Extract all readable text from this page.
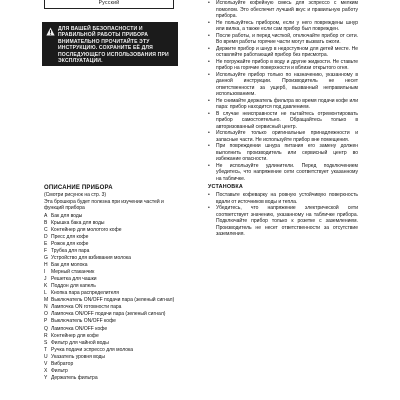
Русский
ДЛЯ ВАШЕЙ БЕЗОПАСНОСТИ И ПРАВИЛЬНОЙ РАБОТЫ ПРИБОРА ВНИМАТЕЛЬНО ПРОЧИТАЙТЕ ЭТУ ИНСТРУКЦИЮ. СОХРАНИТЕ ЕЁ ДЛЯ ПОСЛЕДУЮЩЕГО ИСПОЛЬЗОВАНИЯ ПРИ ЭКСПЛУАТАЦИИ.

ОПИСАНИЕ ПРИБОРА

(Смотри рисунок на стр. 3)

Эта брошюра будет полезна при изучении частей и функций прибора

A Бак для воды
B Крышка бака для воды
C Контейнер для молотого кофе
D Пресс для кофе
E Рожок для кофе
F Трубка для пара
G Устройство для взбивания молока
H Бак для молока
I	Мерный стаканчик
J Решетка для чашки
K Поддон для капель
L Кнопка пара распределителя
M Выключатель ON/OFF подачи пара (зеленый сигнал)
N Лампочка ON готовности пара
O Лампочка ON/OFF подачи пара (зеленый сигнал)
P Выключатель ON/OFF кофе
Q Лампочка ON/OFF кофе
R Контейнер для кофе
S Фильтр для чайной воды
T Ручка подачи эспрессо для молока
U Указатель уровня воды
V Вибратор
X Фильтр
Y Держатель фильтра
•	Используйте кофейную смесь для эспрессо с мелким помолом. Это обеспечит лучший вкус и правильную работу прибора.
•	Не пользуйтесь прибором, если у него повреждены шнур или вилка, а также если сам прибор был поврежден.
•	После работы, и перед чисткой, отключайте прибор от сети. Во время работы горячие части могут вызвать ожоги.
•	Держите прибор и шнур в недоступном для детей месте. Не оставляйте работающий прибор без присмотра.
•	Не погружайте прибор в воду и другие жидкости. Не ставьте прибор на горячие поверхности и вблизи открытого огня.
•	Используйте прибор только по назначению, указанному в данной инструкции. Производитель не несет ответственности за ущерб, вызванный неправильным использованием.
•	Не снимайте держатель фильтра во время подачи кофе или пара: прибор находится под давлением.
•	В случае неисправности не пытайтесь отремонтировать прибор самостоятельно. Обращайтесь только в авторизованный сервисный центр.
•	Используйте только оригинальные принадлежности и запасные части. Не используйте прибор вне помещения.
•	При повреждении шнура питания его замену должен выполнить производитель или сервисный центр во избежание опасности.
•	Не используйте удлинители. Перед подключением убедитесь, что напряжение сети соответствует указанному на табличке.
УСТАНОВКА
•	Поставьте кофеварку на ровную устойчивую поверхность вдали от источников воды и тепла.
•	Убедитесь, что напряжение электрической сети соответствует значению, указанному на табличке прибора. Подключайте прибор только к розетке с заземлением. Производитель не несет ответственности за отсутствие заземления.
